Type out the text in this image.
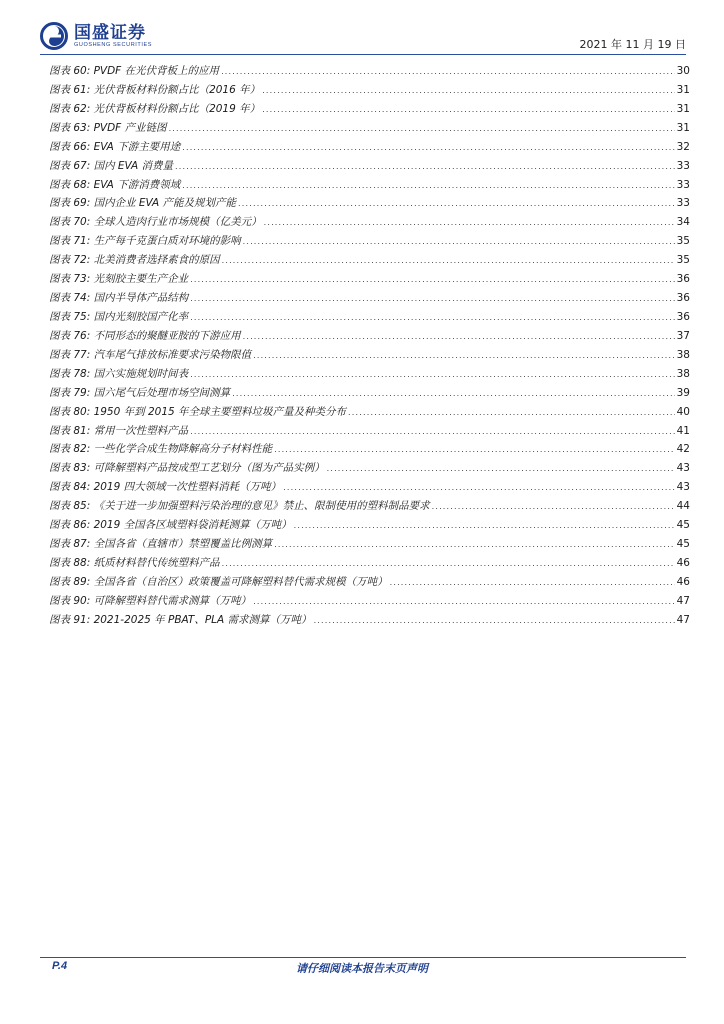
国盛证券
GUOSHENG SECURITIES	2021 年 11 月 19 日
图表 60: PVDF 在光伏背板上的应用 .....	30
图表 61: 光伏背板材料份额占比（2016 年） .....	31
图表 62: 光伏背板材料份额占比（2019 年） .....	31
图表 63: PVDF 产业链图 .....	31
图表 66: EVA 下游主要用途 .....	32
图表 67: 国内 EVA 消费量 .....	33
图表 68: EVA 下游消费领域 .....	33
图表 69: 国内企业 EVA 产能及规划产能 .....	33
图表 70: 全球人造肉行业市场规模（亿美元） .....	34
图表 71: 生产每千克蛋白质对环境的影响 .....	35
图表 72: 北美消费者选择素食的原因 .....	35
图表 73: 光刻胶主要生产企业 .....	36
图表 74: 国内半导体产品结构 .....	36
图表 75: 国内光刻胶国产化率 .....	36
图表 76: 不同形态的聚醚亚胺的下游应用 .....	37
图表 77: 汽车尾气排放标准要求污染物限值 .....	38
图表 78: 国六实施规划时间表 .....	38
图表 79: 国六尾气后处理市场空间测算 .....	39
图表 80: 1950 年到 2015 年全球主要塑料垃圾产量及种类分布 .....	40
图表 81: 常用一次性塑料产品 .....	41
图表 82: 一些化学合成生物降解高分子材料性能 .....	42
图表 83: 可降解塑料产品按成型工艺划分（图为产品实例） .....	43
图表 84: 2019 四大领域一次性塑料消耗（万吨） .....	43
图表 85: 《关于进一步加强塑料污染治理的意见》禁止、限制使用的塑料制品要求 .....	44
图表 86: 2019 全国各区域塑料袋消耗测算（万吨） .....	45
图表 87: 全国各省（直辖市）禁塑覆盖比例测算 .....	45
图表 88: 纸质材料替代传统塑料产品 .....	46
图表 89: 全国各省（自治区）政策覆盖可降解塑料替代需求规模（万吨） .....	46
图表 90: 可降解塑料替代需求测算（万吨） .....	47
图表 91: 2021-2025 年 PBAT、PLA 需求测算（万吨） .....	47
P.4	请仔细阅读本报告末页声明
